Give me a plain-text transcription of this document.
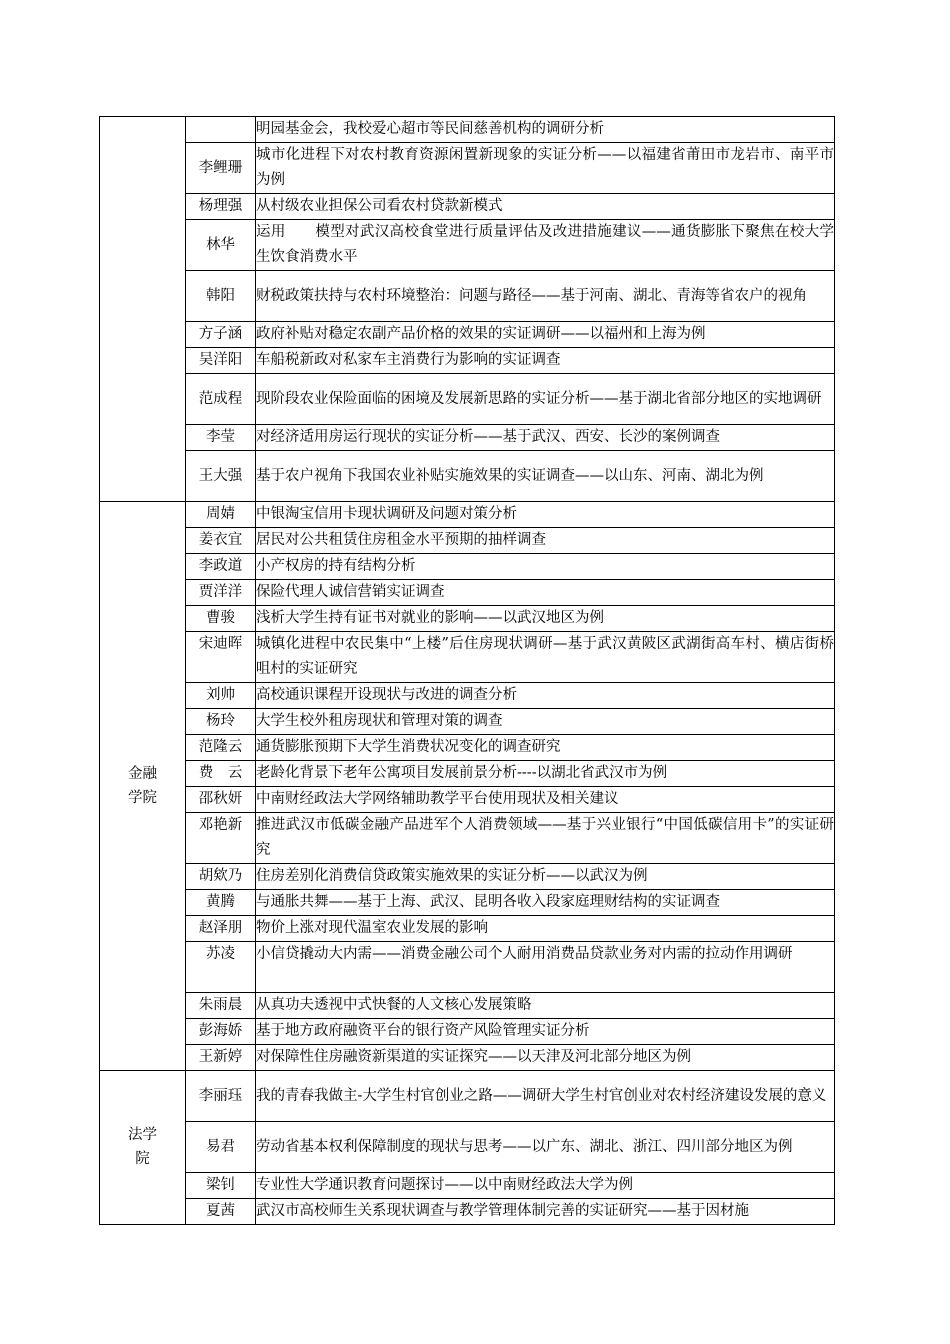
		明园基金会，我校爱心超市等民间慈善机构的调研分析
	李鲤珊	城市化进程下对农村教育资源闲置新现象的实证分析——以福建省莆田市龙岩市、南平市为例
	杨理强	从村级农业担保公司看农村贷款新模式
	林华	运用　　模型对武汉高校食堂进行质量评估及改进措施建议——通货膨胀下聚焦在校大学生饮食消费水平
	韩阳	财税政策扶持与农村环境整治：问题与路径——基于河南、湖北、青海等省农户的视角
	方子涵	政府补贴对稳定农副产品价格的效果的实证调研——以福州和上海为例
	吴洋阳	车船税新政对私家车主消费行为影响的实证调查
	范成程	现阶段农业保险面临的困境及发展新思路的实证分析——基于湖北省部分地区的实地调研
	李莹	对经济适用房运行现状的实证分析——基于武汉、西安、长沙的案例调查
	王大强	基于农户视角下我国农业补贴实施效果的实证调查——以山东、河南、湖北为例
金融学院	周婧	中银淘宝信用卡现状调研及问题对策分析
	姜衣宜	居民对公共租赁住房租金水平预期的抽样调查
	李政道	小产权房的持有结构分析
	贾洋洋	保险代理人诚信营销实证调查
	曹骏	浅析大学生持有证书对就业的影响——以武汉地区为例
	宋迪晖	城镇化进程中农民集中“上楼”后住房现状调研—基于武汉黄陂区武湖街高车村、横店街桥咀村的实证研究
	刘帅	高校通识课程开设现状与改进的调查分析
	杨玲	大学生校外租房现状和管理对策的调查
	范隆云	通货膨胀预期下大学生消费状况变化的调查研究
	费　云	老龄化背景下老年公寓项目发展前景分析----以湖北省武汉市为例
	邵秋妍	中南财经政法大学网络辅助教学平台使用现状及相关建议
	邓艳新	推进武汉市低碳金融产品进军个人消费领域——基于兴业银行“中国低碳信用卡”的实证研究
	胡欸乃	住房差别化消费信贷政策实施效果的实证分析——以武汉为例
	黄腾	与通胀共舞——基于上海、武汉、昆明各收入段家庭理财结构的实证调查
	赵泽朋	物价上涨对现代温室农业发展的影响
	苏凌	小信贷撬动大内需——消费金融公司个人耐用消费品贷款业务对内需的拉动作用调研
	朱雨晨	从真功夫透视中式快餐的人文核心发展策略
	彭海娇	基于地方政府融资平台的银行资产风险管理实证分析
	王新婷	对保障性住房融资新渠道的实证探究——以天津及河北部分地区为例
法学院	李丽珏	我的青春我做主-大学生村官创业之路——调研大学生村官创业对农村经济建设发展的意义
	易君	劳动省基本权利保障制度的现状与思考——以广东、湖北、浙江、四川部分地区为例
	梁钊	专业性大学通识教育问题探讨——以中南财经政法大学为例
	夏茜	武汉市高校师生关系现状调查与教学管理体制完善的实证研究——基于因材施
